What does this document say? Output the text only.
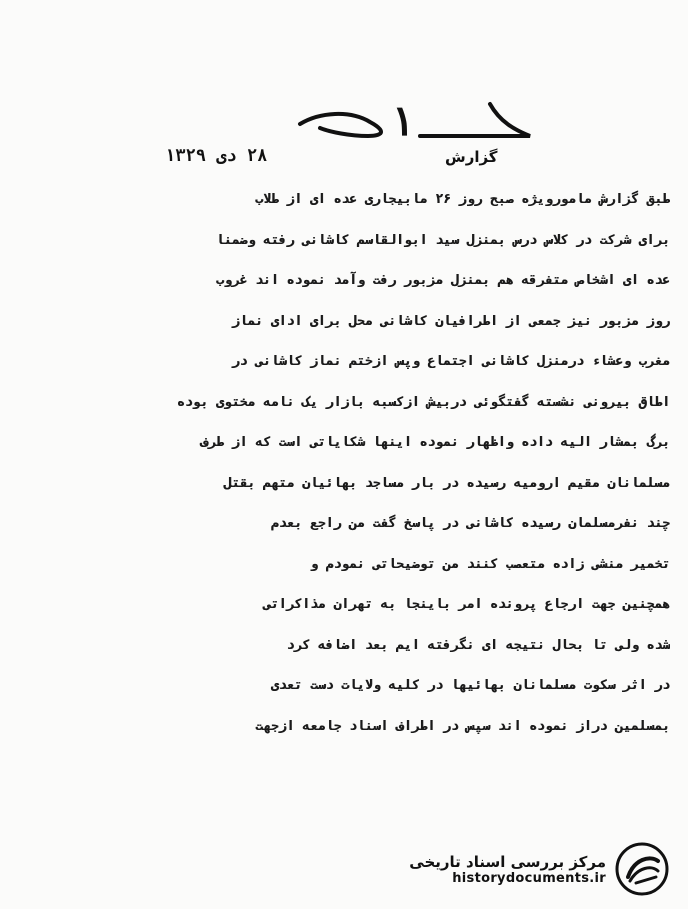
۱
۲۸ دی ۱۳۲۹	گزارش
طبق گزارش مامورویژه صبح روز ۲۶ مابیجاری عده ای از طلاب
برای شرکت در کلاس درس بمنزل سید ابوالقاسم کاشانی رفته وضمنا
عده ای اشخاص متفرقه هم بمنزل مزبور رفت وآمد نموده اند غروب
روز مزبور نیز جمعی از اطرافیان کاشانی محل برای ادای نماز
مغرب وعشاء درمنزل کاشانی اجتماع وپس ازختم نماز کاشانی در
اطاق بیرونی نشسته گفتگوئی دربیش ازکسبه بازار یک نامه مختوی بوده
برگ بمشار الیه داده واظهار نموده اینها شکایاتی است که از طرف
مسلمانان مقیم ارومیه رسیده در بار مساجد بهائیان متهم بقتل
چند نفرمسلمان رسیده کاشانی در پاسخ گفت من راجع بعدم
تخمیر منشی زاده متعصب کنند من توضیحاتی نمودم و
همچنین جهت ارجاع پرونده امر باینجا به تهران مذاکراتی
شده ولی تا بحال نتیجه ای نگرفته ایم بعد اضافه کرد
در اثر سکوت مسلمانان بهائیها در کلیه ولایات دست تعدی
بمسلمین دراز نموده اند سپس در اطراف اسناد جامعه ازجهت
مرکز بررسی اسناد تاریخی
historydocuments.ir
